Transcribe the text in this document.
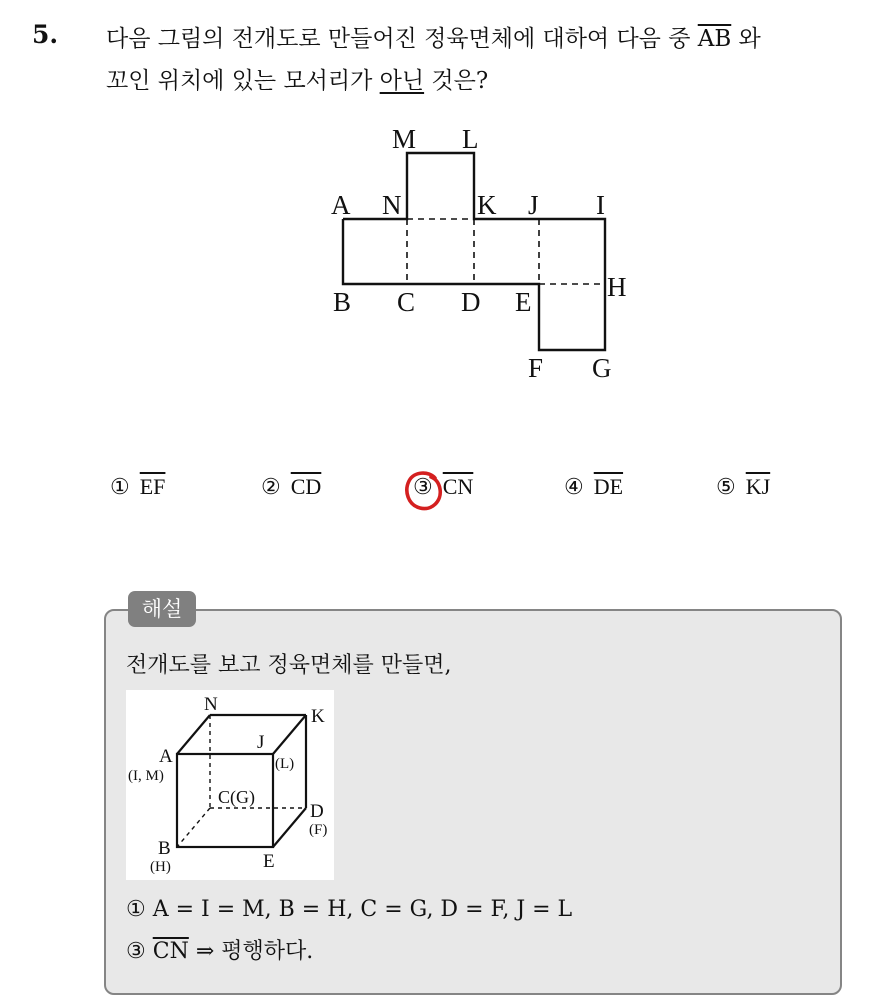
5. 다음 그림의 전개도로 만들어진 정육면체에 대하여 다음 중 $\overline{AB}$ 와
꼬인 위치에 있는 모서리가 아닌 것은?
M L
A N	K J I
B C D E	H
F G
① $\overline{EF}$	② $\overline{CD}$	③ $\overline{CN}$	④ $\overline{DE}$	⑤ $\overline{KJ}$
해설
전개도를 보고 정육면체를 만들면,
N
K
A
(I, M)
J
(L)
C(G)
D
(F)
B
(H)	E
① A = I = M, B = H, C = G, D = F, J = L
③ $\overline{CN}$ ⇒ 평행하다.
